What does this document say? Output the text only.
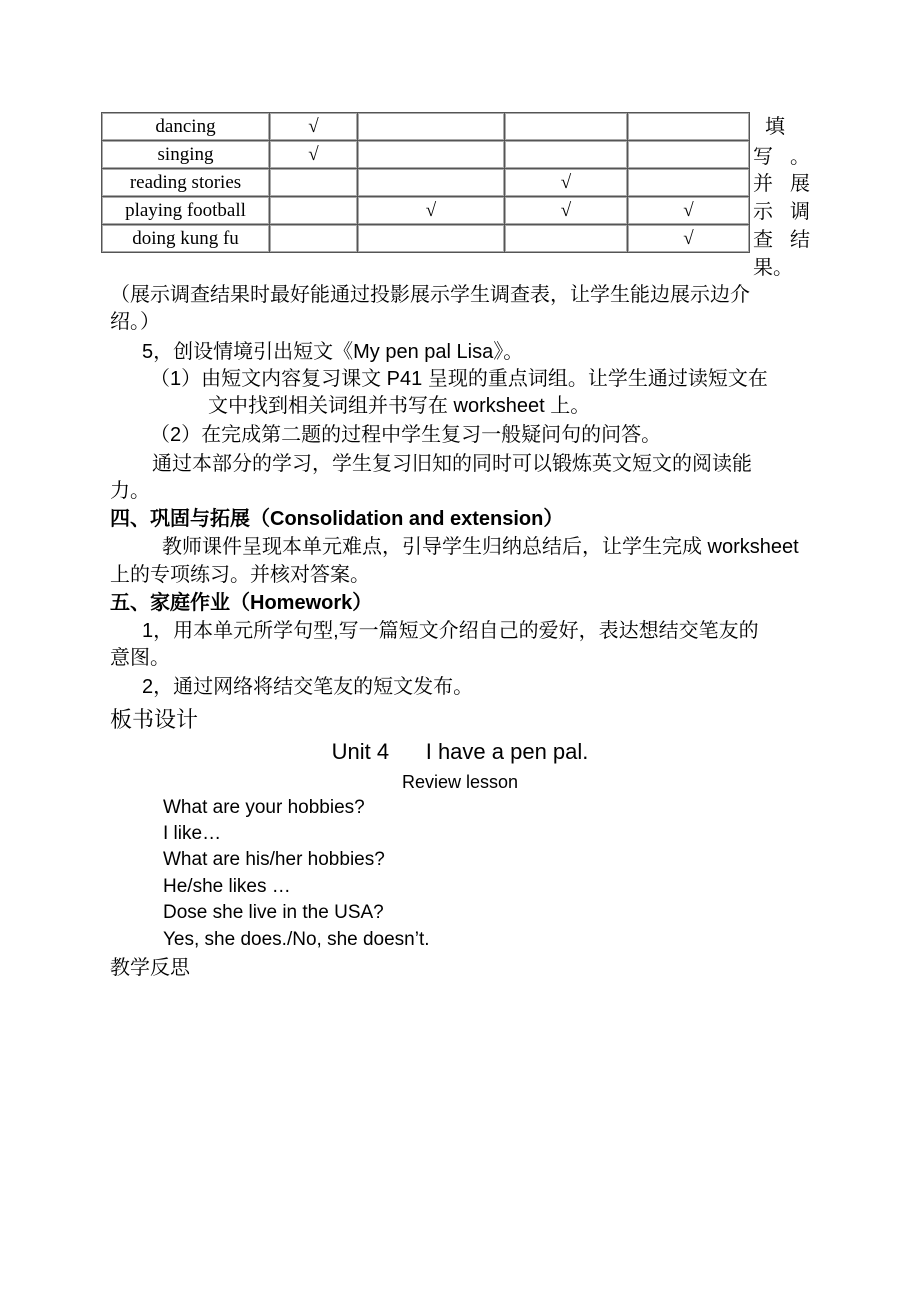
dancing	√			
singing	√			
reading stories			√	
playing football		√	√	√
doing kung fu				√
填
写 。
并 展
示 调
查 结
果。
（展示调查结果时最好能通过投影展示学生调查表，让学生能边展示边介
绍。）
5，创设情境引出短文《My pen pal Lisa》。
（1）由短文内容复习课文 P41 呈现的重点词组。让学生通过读短文在
文中找到相关词组并书写在 worksheet 上。
（2）在完成第二题的过程中学生复习一般疑问句的问答。
通过本部分的学习，学生复习旧知的同时可以锻炼英文短文的阅读能
力。
四、巩固与拓展（Consolidation and extension）
教师课件呈现本单元难点，引导学生归纳总结后，让学生完成 worksheet
上的专项练习。并核对答案。
五、家庭作业（Homework）
1，用本单元所学句型,写一篇短文介绍自己的爱好，表达想结交笔友的
意图。
2，通过网络将结交笔友的短文发布。
板书设计
Unit 4      I have a pen pal.
Review lesson
What are your hobbies?
I like…
What are his/her hobbies?
He/she likes …
Dose she live in the USA?
Yes, she does./No, she doesn’t.
教学反思
